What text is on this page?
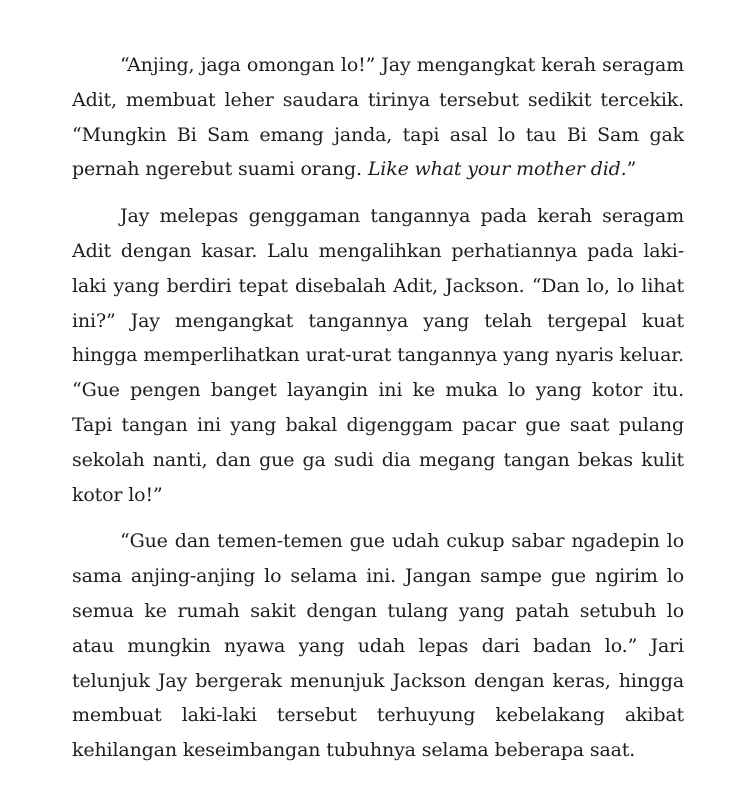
“Anjing, jaga omongan lo!” Jay mengangkat kerah seragam Adit, membuat leher saudara tirinya tersebut sedikit tercekik. “Mungkin Bi Sam emang janda, tapi asal lo tau Bi Sam gak pernah ngerebut suami orang. Like what your mother did.”

Jay melepas genggaman tangannya pada kerah seragam Adit dengan kasar. Lalu mengalihkan perhatiannya pada laki-laki yang berdiri tepat disebalah Adit, Jackson. “Dan lo, lo lihat ini?” Jay mengangkat tangannya yang telah tergepal kuat hingga memperlihatkan urat-urat tangannya yang nyaris keluar. “Gue pengen banget layangin ini ke muka lo yang kotor itu. Tapi tangan ini yang bakal digenggam pacar gue saat pulang sekolah nanti, dan gue ga sudi dia megang tangan bekas kulit kotor lo!”

“Gue dan temen-temen gue udah cukup sabar ngadepin lo sama anjing-anjing lo selama ini. Jangan sampe gue ngirim lo semua ke rumah sakit dengan tulang yang patah setubuh lo atau mungkin nyawa yang udah lepas dari badan lo.” Jari telunjuk Jay bergerak menunjuk Jackson dengan keras, hingga membuat laki-laki tersebut terhuyung kebelakang akibat kehilangan keseimbangan tubuhnya selama beberapa saat.
